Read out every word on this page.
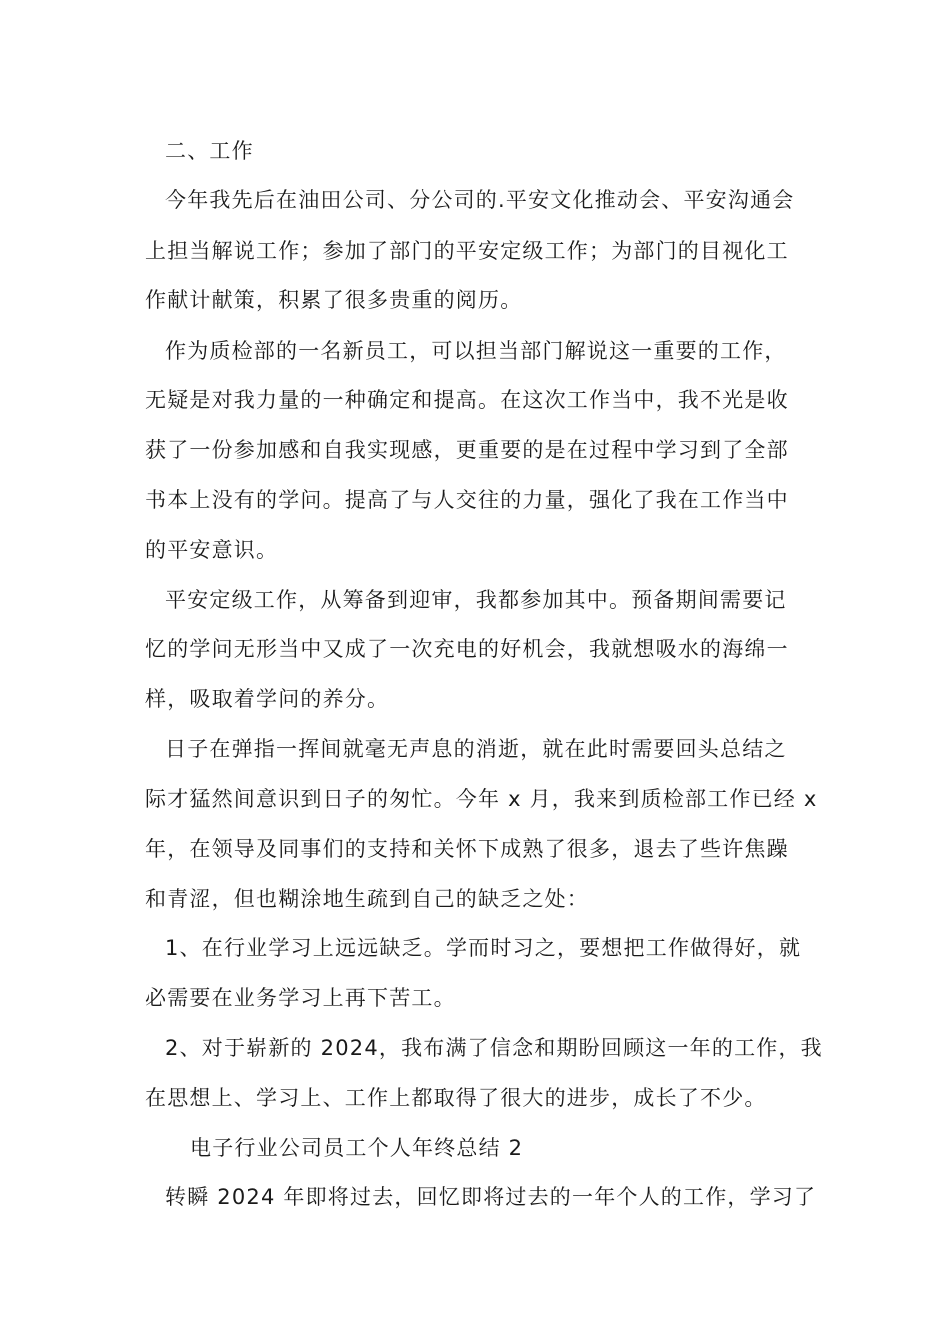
二、工作
今年我先后在油田公司、分公司的.平安文化推动会、平安沟通会
上担当解说工作；参加了部门的平安定级工作；为部门的目视化工
作献计献策，积累了很多贵重的阅历。
作为质检部的一名新员工，可以担当部门解说这一重要的工作，
无疑是对我力量的一种确定和提高。在这次工作当中，我不光是收
获了一份参加感和自我实现感，更重要的是在过程中学习到了全部
书本上没有的学问。提高了与人交往的力量，强化了我在工作当中
的平安意识。
平安定级工作，从筹备到迎审，我都参加其中。预备期间需要记
忆的学问无形当中又成了一次充电的好机会，我就想吸水的海绵一
样，吸取着学问的养分。
日子在弹指一挥间就毫无声息的消逝，就在此时需要回头总结之
际才猛然间意识到日子的匆忙。今年 x 月，我来到质检部工作已经 x
年，在领导及同事们的支持和关怀下成熟了很多，退去了些许焦躁
和青涩，但也糊涂地生疏到自己的缺乏之处：
1、在行业学习上远远缺乏。学而时习之，要想把工作做得好，就
必需要在业务学习上再下苦工。
2、对于崭新的 2024，我布满了信念和期盼回顾这一年的工作，我
在思想上、学习上、工作上都取得了很大的进步，成长了不少。
电子行业公司员工个人年终总结 2
转瞬 2024 年即将过去，回忆即将过去的一年个人的工作，学习了
